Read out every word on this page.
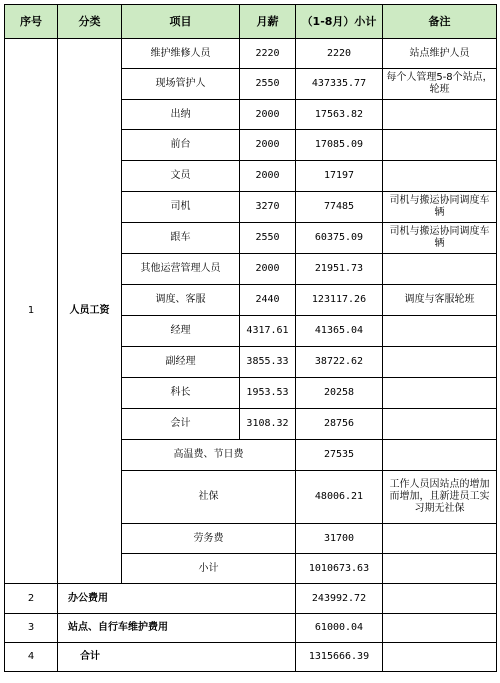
序号	分类	项目	月薪	（1-8月）小计	备注
1	人员工资	维护维修人员	2220	2220	站点维护人员
		现场管护人	2550	437335.77	每个人管理5-8个站点，轮班
		出纳	2000	17563.82	
		前台	2000	17085.09	
		文员	2000	17197	
		司机	3270	77485	司机与搬运协同调度车辆
		跟车	2550	60375.09	司机与搬运协同调度车辆
		其他运营管理人员	2000	21951.73	
		调度、客服	2440	123117.26	调度与客服轮班
		经理	4317.61	41365.04	
		副经理	3855.33	38722.62	
		科长	1953.53	20258	
		会计	3108.32	28756	
		高温费、节日费		27535	
		社保		48006.21	工作人员因站点的增加而增加，且新进员工实习期无社保
		劳务费		31700	
		小计		1010673.63	
2	办公费用			243992.72	
3	站点、自行车维护费用			61000.04	
4	合计			1315666.39	
